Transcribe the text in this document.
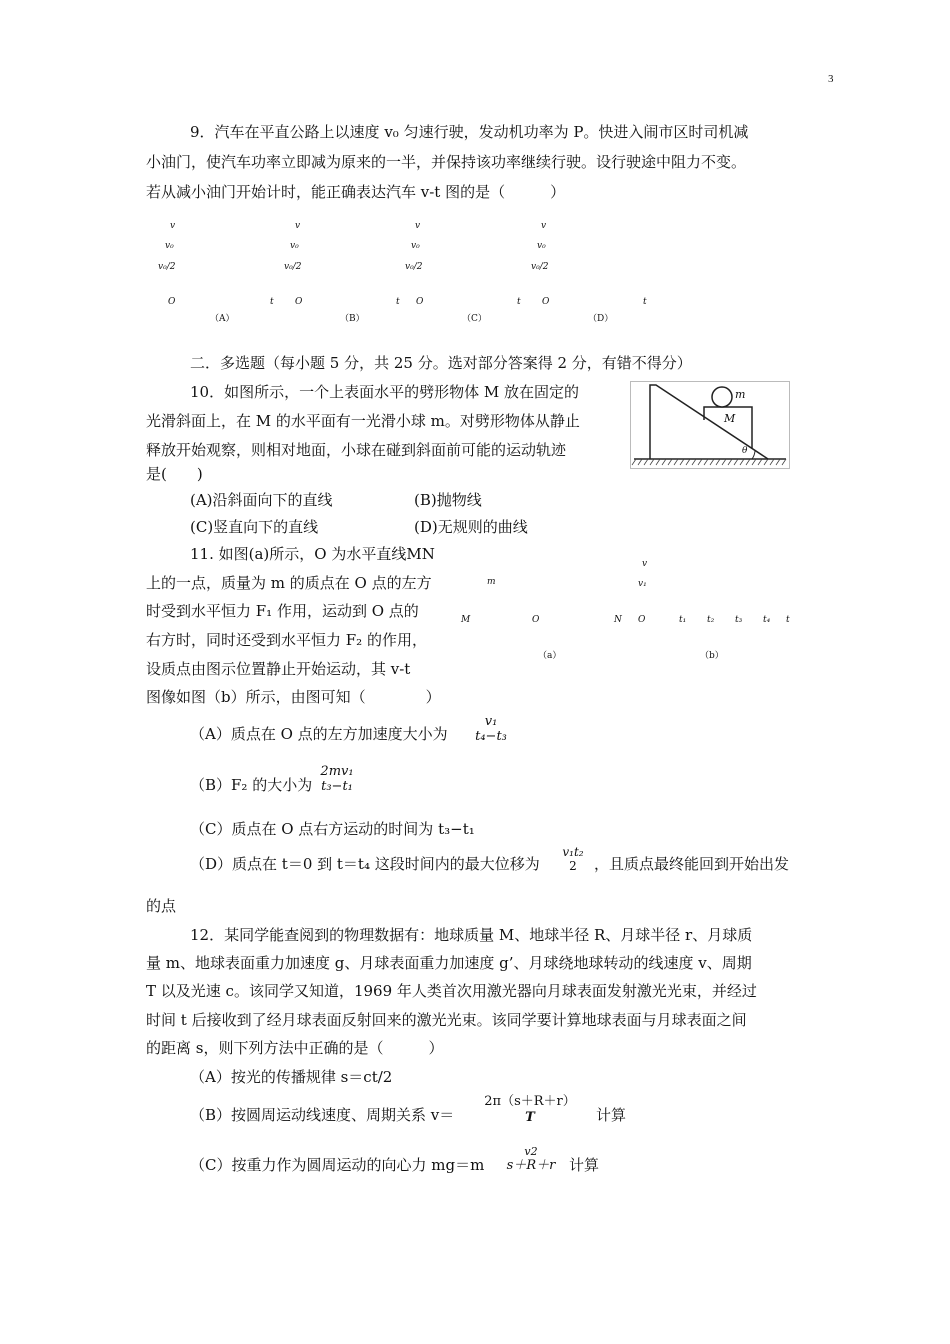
3
9．汽车在平直公路上以速度 v₀ 匀速行驶，发动机功率为 P。快进入闹市区时司机减
小油门，使汽车功率立即减为原来的一半，并保持该功率继续行驶。设行驶途中阻力不变。
若从减小油门开始计时，能正确表达汽车 v-t 图的是（　　　）
v
v₀
v₀/2
O	t
（A）
v
v₀
v₀/2
O	t
（B）
v
v₀
v₀/2
O	t
（C）
v
v₀
v₀/2
O	t
（D）
二．多选题（每小题 5 分，共 25 分。选对部分答案得 2 分，有错不得分）
10．如图所示，一个上表面水平的劈形物体 M 放在固定的
光滑斜面上，在 M 的水平面有一光滑小球 m。对劈形物体从静止
释放开始观察，则相对地面，小球在碰到斜面前可能的运动轨迹
是(　　)
(A)沿斜面向下的直线	(B)抛物线
(C)竖直向下的直线	(D)无规则的曲线
m
M
θ
11. 如图(a)所示，O 为水平直线MN
上的一点，质量为 m 的质点在 O 点的左方
时受到水平恒力 F₁ 作用，运动到 O 点的
右方时，同时还受到水平恒力 F₂ 的作用，
设质点由图示位置静止开始运动，其 v-t
图像如图（b）所示，由图可知（　　　　）
m
M	O	N
（a）
v
v₁
O	t₁ t₂ t₃ t₄ t
（b）
（A）质点在 O 点的左方加速度大小为
v₁
t₄−t₃
（B）F₂ 的大小为
2mv₁
t₃−t₁
（C）质点在 O 点右方运动的时间为 t₃−t₁
（D）质点在 t＝0 到 t＝t₄ 这段时间内的最大位移为
v₁t₂
2	，且质点最终能回到开始出发
的点
12．某同学能查阅到的物理数据有：地球质量 M、地球半径 R、月球半径 r、月球质
量 m、地球表面重力加速度 g、月球表面重力加速度 g’、月球绕地球转动的线速度 v、周期
T 以及光速 c。该同学又知道，1969 年人类首次用激光器向月球表面发射激光光束，并经过
时间 t 后接收到了经月球表面反射回来的激光光束。该同学要计算地球表面与月球表面之间
的距离 s，则下列方法中正确的是（　　　）
（A）按光的传播规律 s＝ct/2
（B）按圆周运动线速度、周期关系 v＝
2π（s＋R＋r）
T	计算
（C）按重力作为圆周运动的向心力 mg＝m
v2
s＋R＋r 计算
